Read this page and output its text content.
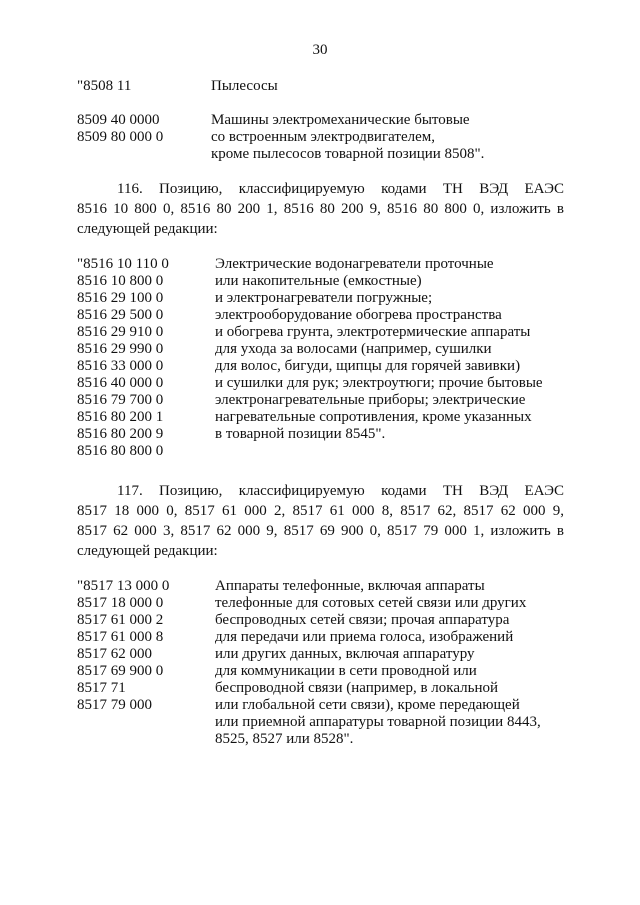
30
"8508 11	Пылесосы
8509 40 0000	Машины электромеханические бытовые
8509 80 000 0	со встроенным электродвигателем,
кроме пылесосов товарной позиции 8508".
116. Позицию, классифицируемую кодами ТН ВЭД ЕАЭС
8516 10 800 0, 8516 80 200 1, 8516 80 200 9, 8516 80 800 0, изложить в
следующей редакции:
"8516 10 110 0	Электрические водонагреватели проточные
8516 10 800 0	или накопительные (емкостные)
8516 29 100 0	и электронагреватели погружные;
8516 29 500 0	электрооборудование обогрева пространства
8516 29 910 0	и обогрева грунта, электротермические аппараты
8516 29 990 0	для ухода за волосами (например, сушилки
8516 33 000 0	для волос, бигуди, щипцы для горячей завивки)
8516 40 000 0	и сушилки для рук; электроутюги; прочие бытовые
8516 79 700 0	электронагревательные приборы; электрические
8516 80 200 1	нагревательные сопротивления, кроме указанных
8516 80 200 9	в товарной позиции 8545".
8516 80 800 0
117. Позицию, классифицируемую кодами ТН ВЭД ЕАЭС
8517 18 000 0, 8517 61 000 2, 8517 61 000 8, 8517 62, 8517 62 000 9,
8517 62 000 3, 8517 62 000 9, 8517 69 900 0, 8517 79 000 1, изложить в
следующей редакции:
"8517 13 000 0	Аппараты телефонные, включая аппараты
8517 18 000 0	телефонные для сотовых сетей связи или других
8517 61 000 2	беспроводных сетей связи; прочая аппаратура
8517 61 000 8	для передачи или приема голоса, изображений
8517 62 000	или других данных, включая аппаратуру
8517 69 900 0	для коммуникации в сети проводной или
8517 71	беспроводной связи (например, в локальной
8517 79 000	или глобальной сети связи), кроме передающей
или приемной аппаратуры товарной позиции 8443,
8525, 8527 или 8528".
